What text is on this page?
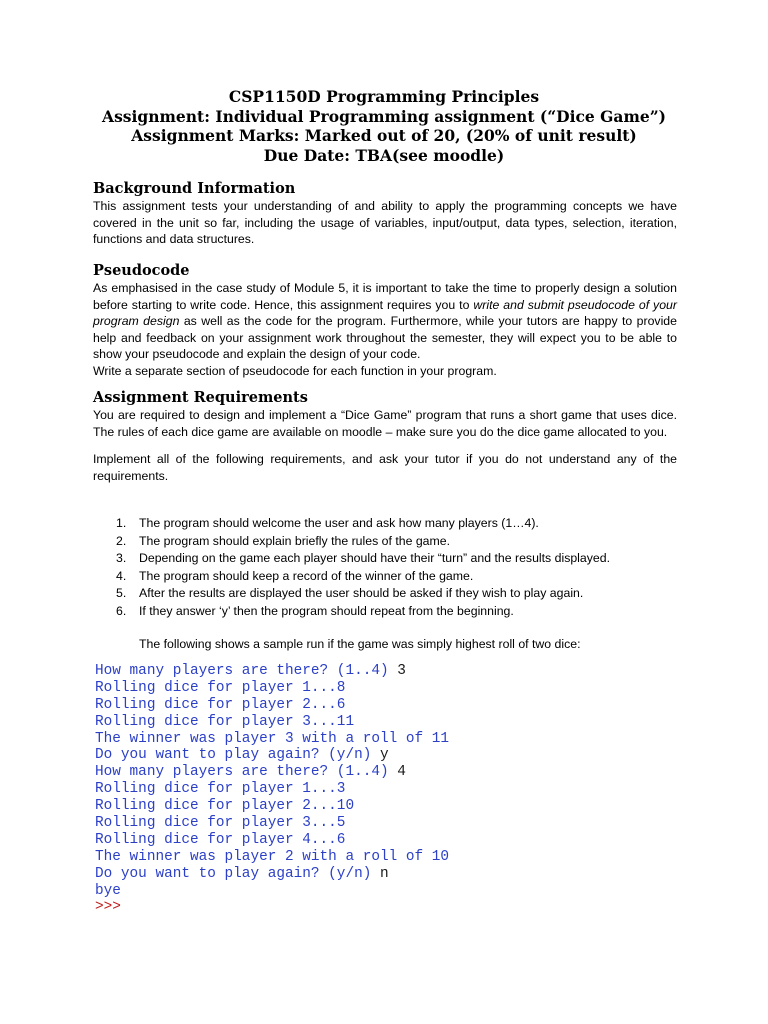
CSP1150D Programming Principles
Assignment: Individual Programming assignment (“Dice Game”)
Assignment Marks: Marked out of 20, (20% of unit result)
Due Date: TBA(see moodle)

Background Information

This assignment tests your understanding of and ability to apply the programming concepts we have covered in the unit so far, including the usage of variables, input/output, data types, selection, iteration, functions and data structures.

Pseudocode

As emphasised in the case study of Module 5, it is important to take the time to properly design a solution before starting to write code. Hence, this assignment requires you to write and submit pseudocode of your program design as well as the code for the program. Furthermore, while your tutors are happy to provide help and feedback on your assignment work throughout the semester, they will expect you to be able to show your pseudocode and explain the design of your code.

Write a separate section of pseudocode for each function in your program.

Assignment Requirements

You are required to design and implement a “Dice Game” program that runs a short game that uses dice. The rules of each dice game are available on moodle – make sure you do the dice game allocated to you.

Implement all of the following requirements, and ask your tutor if you do not understand any of the requirements.

1.	The program should welcome the user and ask how many players (1…4).
2.	The program should explain briefly the rules of the game.
3.	Depending on the game each player should have their “turn” and the results displayed.
4.	The program should keep a record of the winner of the game.
5.	After the results are displayed the user should be asked if they wish to play again.
6.	If they answer ‘y’ then the program should repeat from the beginning.
The following shows a sample run if the game was simply highest roll of two dice:
How many players are there? (1..4) 3
Rolling dice for player 1...8
Rolling dice for player 2...6
Rolling dice for player 3...11
The winner was player 3 with a roll of 11
Do you want to play again? (y/n) y
How many players are there? (1..4) 4
Rolling dice for player 1...3
Rolling dice for player 2...10
Rolling dice for player 3...5
Rolling dice for player 4...6
The winner was player 2 with a roll of 10
Do you want to play again? (y/n) n
bye
>>>
